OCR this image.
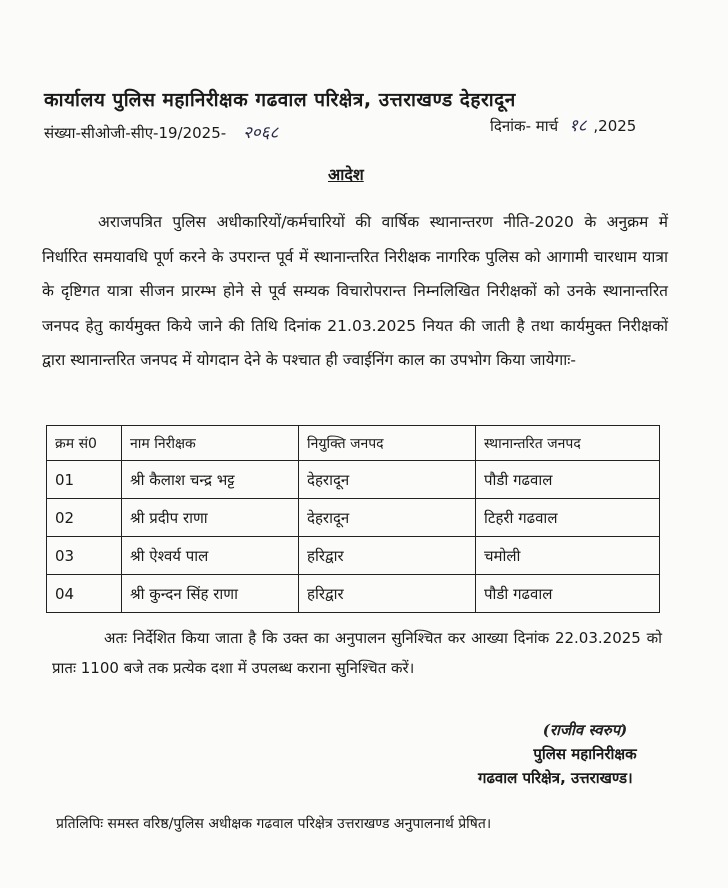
कार्यालय पुलिस महानिरीक्षक गढवाल परिक्षेत्र, उत्तराखण्ड देहरादून
संख्या-सीओजी-सीए-19/2025- २०६८	दिनांक- मार्च १८ ,2025
आदेश

अराजपत्रित पुलिस अधीकारियों/कर्मचारियों की वार्षिक स्थानान्तरण नीति-2020 के अनुक्रम में निर्धारित समयावधि पूर्ण करने के उपरान्त पूर्व में स्थानान्तरित निरीक्षक नागरिक पुलिस को आगामी चारधाम यात्रा के दृष्टिगत यात्रा सीजन प्रारम्भ होने से पूर्व सम्यक विचारोपरान्त निम्नलिखित निरीक्षकों को उनके स्थानान्तरित जनपद हेतु कार्यमुक्त किये जाने की तिथि दिनांक 21.03.2025 नियत की जाती है तथा कार्यमुक्त निरीक्षकों द्वारा स्थानान्तरित जनपद में योगदान देने के पश्चात ही ज्वाईनिंग काल का उपभोग किया जायेगाः-

क्रम सं0	नाम निरीक्षक	नियुक्ति जनपद	स्थानान्तरित जनपद
01	श्री कैलाश चन्द्र भट्ट	देहरादून	पौडी गढवाल
02	श्री प्रदीप राणा	देहरादून	टिहरी गढवाल
03	श्री ऐश्वर्य पाल	हरिद्वार	चमोली
04	श्री कुन्दन सिंह राणा	हरिद्वार	पौडी गढवाल
अतः निर्देशित किया जाता है कि उक्त का अनुपालन सुनिश्चित कर आख्या दिनांक 22.03.2025 को प्रातः 1100 बजे तक प्रत्येक दशा में उपलब्ध कराना सुनिश्चित करें।
(राजीव स्वरुप)
पुलिस महानिरीक्षक
गढवाल परिक्षेत्र, उत्तराखण्ड।
प्रतिलिपिः समस्त वरिष्ठ/पुलिस अधीक्षक गढवाल परिक्षेत्र उत्तराखण्ड अनुपालनार्थ प्रेषित।
